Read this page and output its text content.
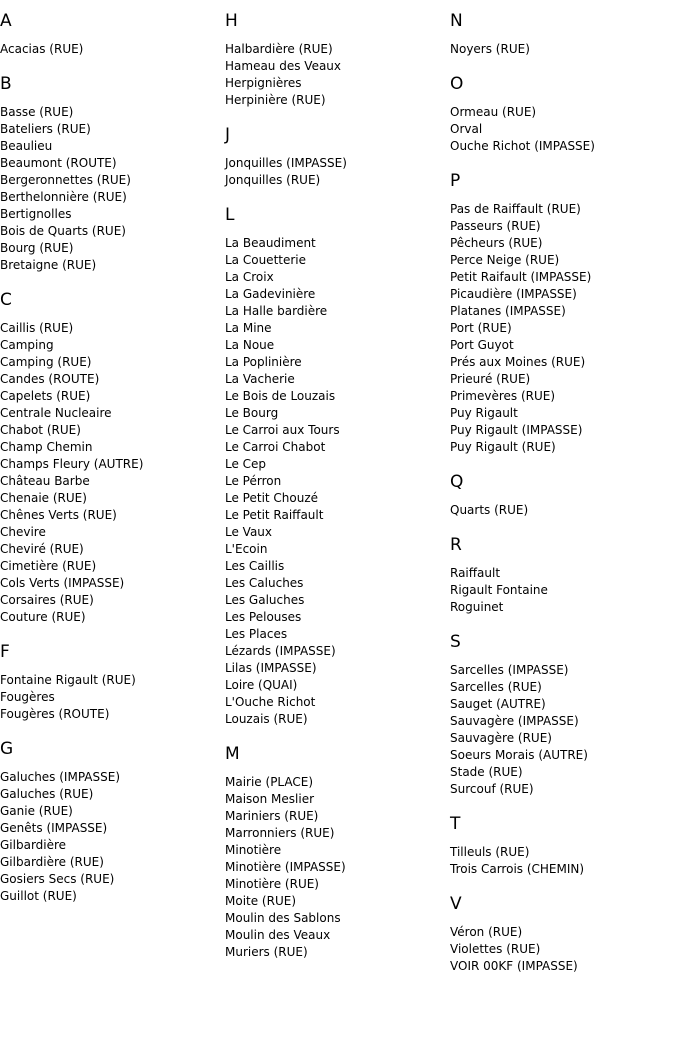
A
Acacias (RUE)
B
Basse (RUE)
Bateliers (RUE)
Beaulieu
Beaumont (ROUTE)
Bergeronnettes (RUE)
Berthelonnière (RUE)
Bertignolles
Bois de Quarts (RUE)
Bourg (RUE)
Bretaigne (RUE)
C
Caillis (RUE)
Camping
Camping (RUE)
Candes (ROUTE)
Capelets (RUE)
Centrale Nucleaire
Chabot (RUE)
Champ Chemin
Champs Fleury (AUTRE)
Château Barbe
Chenaie (RUE)
Chênes Verts (RUE)
Chevire
Cheviré (RUE)
Cimetière (RUE)
Cols Verts (IMPASSE)
Corsaires (RUE)
Couture (RUE)
F
Fontaine Rigault (RUE)
Fougères
Fougères (ROUTE)
G
Galuches (IMPASSE)
Galuches (RUE)
Ganie (RUE)
Genêts (IMPASSE)
Gilbardière
Gilbardière (RUE)
Gosiers Secs (RUE)
Guillot (RUE)
H
Halbardière (RUE)
Hameau des Veaux
Herpignières
Herpinière (RUE)
J
Jonquilles (IMPASSE)
Jonquilles (RUE)
L
La Beaudiment
La Couetterie
La Croix
La Gadevinière
La Halle bardière
La Mine
La Noue
La Poplinière
La Vacherie
Le Bois de Louzais
Le Bourg
Le Carroi aux Tours
Le Carroi Chabot
Le Cep
Le Pérron
Le Petit Chouzé
Le Petit Raiffault
Le Vaux
L'Ecoin
Les Caillis
Les Caluches
Les Galuches
Les Pelouses
Les Places
Lézards (IMPASSE)
Lilas (IMPASSE)
Loire (QUAI)
L'Ouche Richot
Louzais (RUE)
M
Mairie (PLACE)
Maison Meslier
Mariniers (RUE)
Marronniers (RUE)
Minotière
Minotière (IMPASSE)
Minotière (RUE)
Moite (RUE)
Moulin des Sablons
Moulin des Veaux
Muriers (RUE)
N
Noyers (RUE)
O
Ormeau (RUE)
Orval
Ouche Richot (IMPASSE)
P
Pas de Raiffault (RUE)
Passeurs (RUE)
Pêcheurs (RUE)
Perce Neige (RUE)
Petit Raifault (IMPASSE)
Picaudière (IMPASSE)
Platanes (IMPASSE)
Port (RUE)
Port Guyot
Prés aux Moines (RUE)
Prieuré (RUE)
Primevères (RUE)
Puy Rigault
Puy Rigault (IMPASSE)
Puy Rigault (RUE)
Q
Quarts (RUE)
R
Raiffault
Rigault Fontaine
Roguinet
S
Sarcelles (IMPASSE)
Sarcelles (RUE)
Sauget (AUTRE)
Sauvagère (IMPASSE)
Sauvagère (RUE)
Soeurs Morais (AUTRE)
Stade (RUE)
Surcouf (RUE)
T
Tilleuls (RUE)
Trois Carrois (CHEMIN)
V
Véron (RUE)
Violettes (RUE)
VOIR 00KF (IMPASSE)
